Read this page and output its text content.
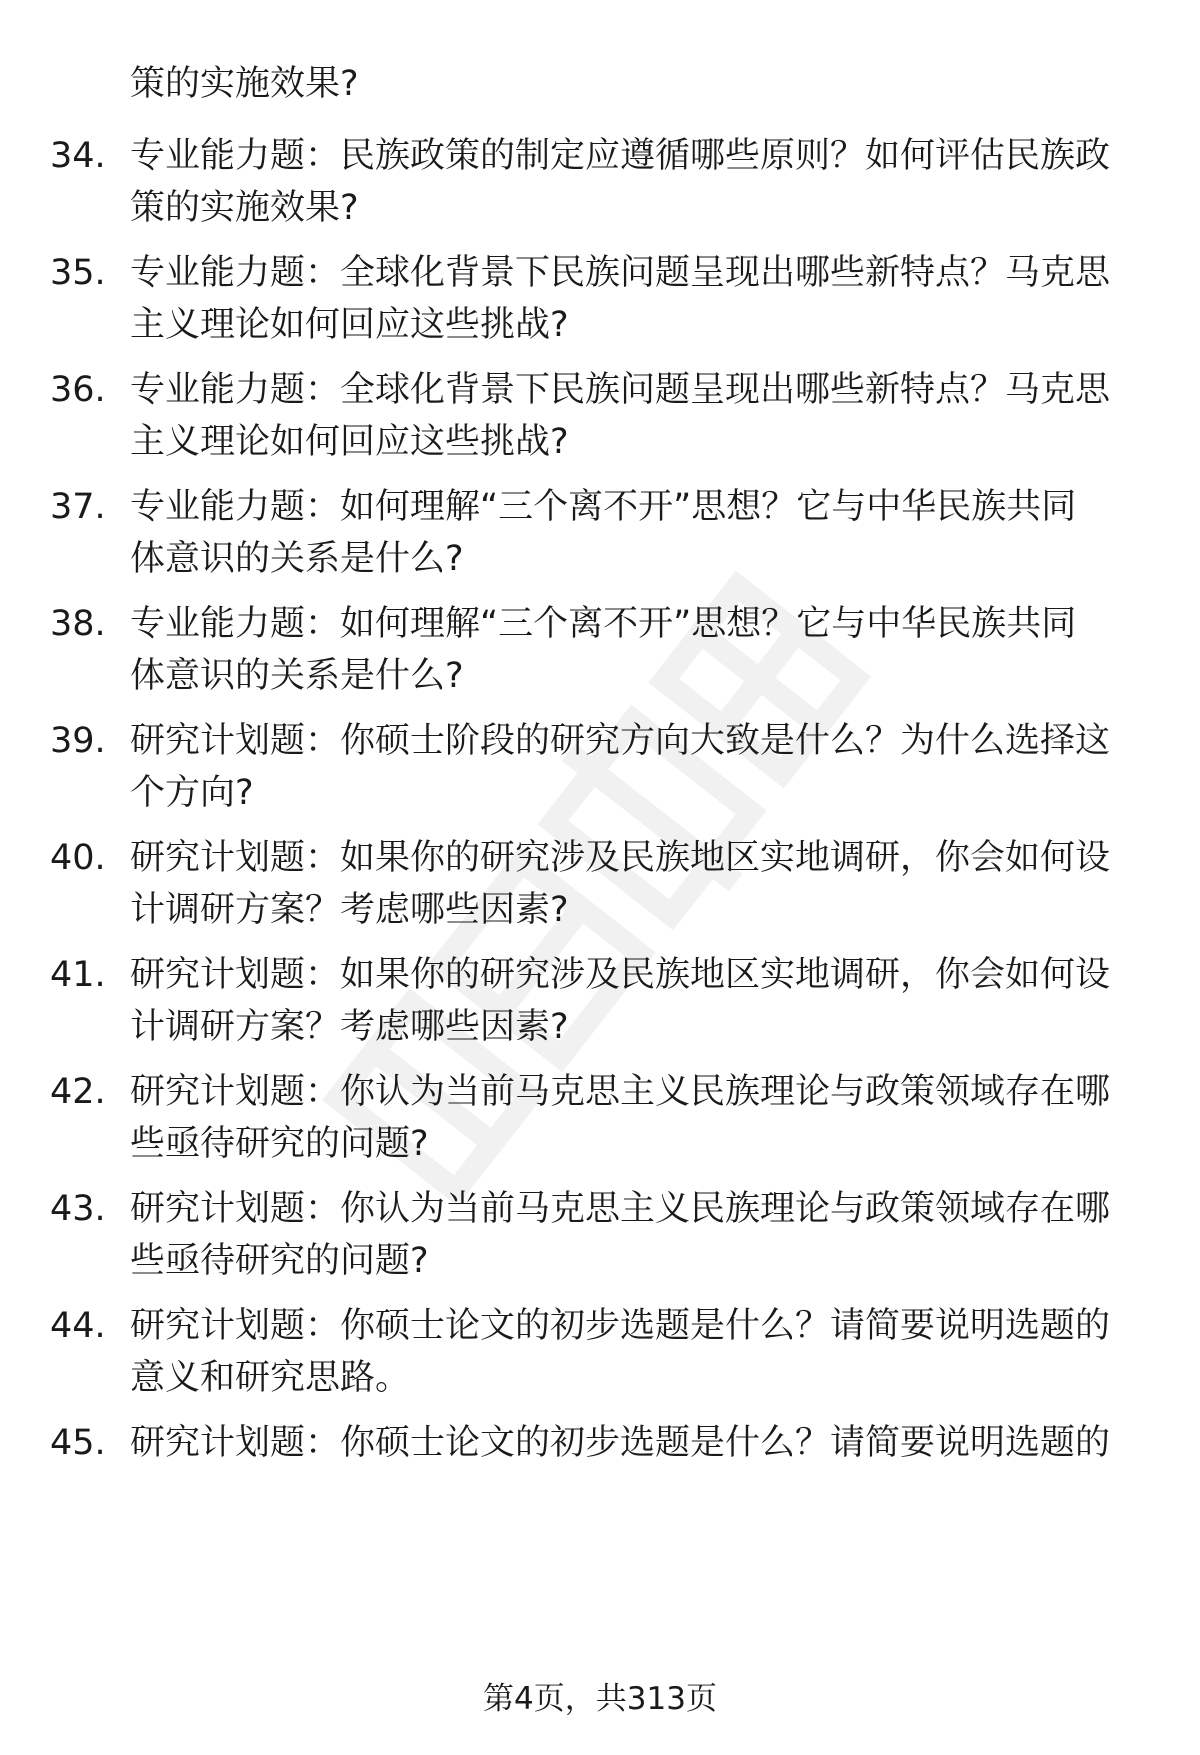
策的实施效果?
34. 专业能力题：民族政策的制定应遵循哪些原则？如何评估民族政
策的实施效果?
35. 专业能力题：全球化背景下民族问题呈现出哪些新特点？马克思
主义理论如何回应这些挑战?
36. 专业能力题：全球化背景下民族问题呈现出哪些新特点？马克思
主义理论如何回应这些挑战?
37. 专业能力题：如何理解“三个离不开”思想？它与中华民族共同
体意识的关系是什么?
38. 专业能力题：如何理解“三个离不开”思想？它与中华民族共同
体意识的关系是什么?
39. 研究计划题：你硕士阶段的研究方向大致是什么？为什么选择这
个方向?
40. 研究计划题：如果你的研究涉及民族地区实地调研，你会如何设
计调研方案？考虑哪些因素?
41. 研究计划题：如果你的研究涉及民族地区实地调研，你会如何设
计调研方案？考虑哪些因素?
42. 研究计划题：你认为当前马克思主义民族理论与政策领域存在哪
些亟待研究的问题?
43. 研究计划题：你认为当前马克思主义民族理论与政策领域存在哪
些亟待研究的问题?
44. 研究计划题：你硕士论文的初步选题是什么？请简要说明选题的
意义和研究思路。
45. 研究计划题：你硕士论文的初步选题是什么？请简要说明选题的
第4页，共313页
